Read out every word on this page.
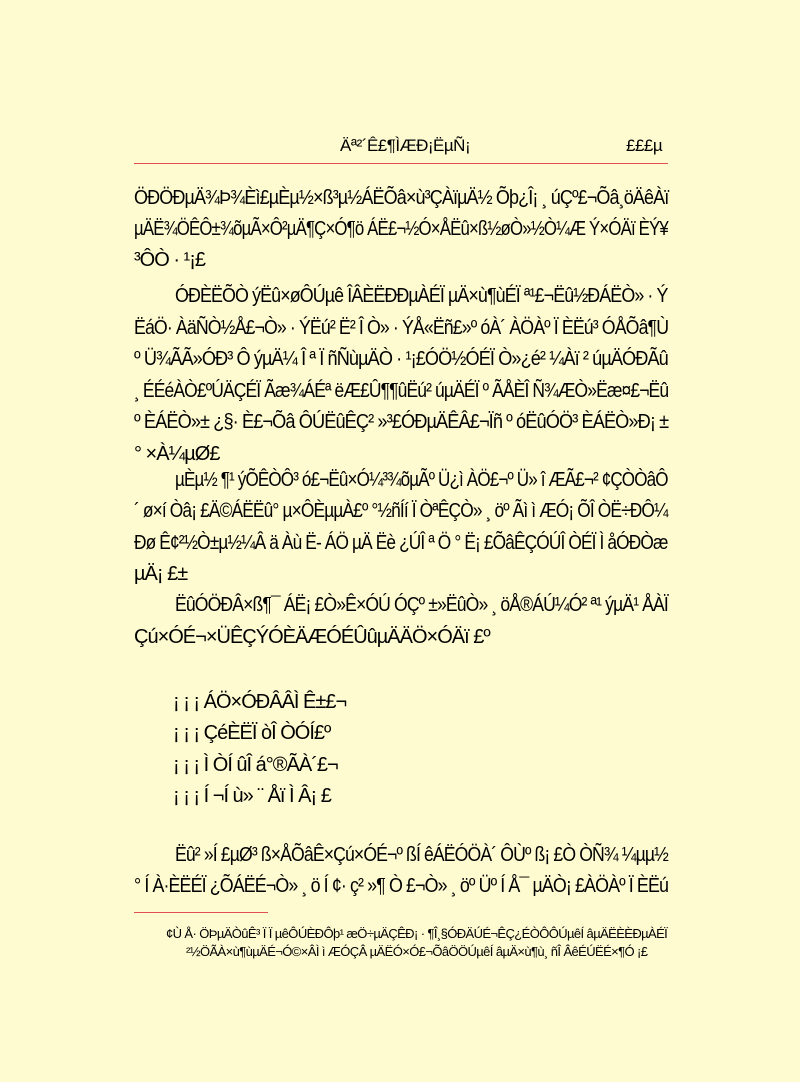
Äª²´Ê£¶ÌÆÐ¡ËµÑ¡	£££µ
ÖÐÖÐµÄ¾Þ¾Èì£µÈµ½×ß³µ½ÁËÕâ×ù³ÇÀïµÄ½ Õþ¿Î¡ ¸ úÇº£¬Õâ¸öÄêÀï
µÄË¾ÖÊÔ±¾õµÃ×Ô²µÄ¶Ç×Ó¶ö ÁË£¬½Ó×ÅËû×ß½øÒ»½Ò¼Æ Ý×ÓÄï ÈÝ¥
³ÔÒ · ¹¡£
ÓÐÈËÕÒ ýËû×øÔÚµê ÎÂÈËÐÐµÀÉÏ µÄ×ù¶ùÉÏ ª¹£¬Ëû½ÐÁËÒ» · Ý
ËáÖ· ÀäÑÒ½Å£¬Ò» · ÝËú² Ë² Î Ò» · ÝÅ«Ëñ£»º óÀ´ ÀÖÀº Ï ÈËú³ ÓÅÕâ¶Ù
º Ü¾ÃÃ»ÓÐ³ Ô ýµÄ¼ Î ª Ï ñÑùµÄÒ · ¹¡£ÓÖ½ÓÉÏ Ò»¿é² ¼Àï ² úµÄÓÐÃû
¸ ÉÉéÀÒ£ºÚÄÇÉÏ Ãæ¾ÁÉª ëÆ£Û¶¶ûËú² úµÄÉÏ º ÃÅÈÎ Ñ¾ÆÒ»Ëæ¤£¬Ëû
º ÈÁËÒ»± ¿§· È£¬Õâ ÔÚËûÊÇ² »³£ÓÐµÄÊÂ£¬Ïñ º óËûÓÖ³ ÈÁËÒ»Ð¡ ±
° ×À¼µØ£
µÈµ½ ¶¹ ýÕÊÒÔ³ ó£¬Ëû×Ó¼³¾õµÃº Ü¿ì ÀÖ£¬º Ü» î ÆÃ£¬² ¢ÇÒÒâÔ
´ ø×í Òâ¡ £Ä©ÁËËû° µ×ÔÈµµÀ£º °½ñÍí Ï ÒªÊÇÒ» ¸ öº Ãì ì ÆÓ¡ ÕÎ ÒË÷ÐÔ¼
Ðø Ê¢²½Ò±µ½¼Â ä Àù Ë- ÁÖ µÄ Ëè ¿ÚÎ ª Ö ° Ë¡ £ÕâÊÇÓÚÎ ÒÉÏ Ì åÓÐÒæ
µÄ¡ £±
ËûÓÖÐÂ×ß¶¯ ÁË¡ £Ò»Ê×ÓÚ ÓÇº ±»ËûÒ» ¸ öÅ®ÁÚ¼Ó² ª¹ ýµÄ¹ ÅÀÏ
Çú×ÓÉ¬×ÜÊÇÝÓÈÄÆÓÉÛûµÄÄÖ×ÓÄï £º
¡ ¡ ¡ ÁÖ×ÓÐÂÂÌ Ê±£¬
¡ ¡ ¡ ÇéÈËÏ òÎ ÒÓÍ£º
¡ ¡ ¡ Ì ÒÍ ûÎ á°®ÃÀ´£¬
¡ ¡ ¡ Í ¬Í ù» ¨ Åï Ì Â¡ £
Ëû² »Í £µØ³ ß×ÅÕâÊ×Çú×ÓÉ¬º ßÍ êÁËÓÖÀ´ ÔÙº ß¡ £Ò ÒÑ¾ ¼µµ½
° Í À·ÈËÉÏ ¿ÕÁËÉ¬Ò» ¸ ö Í ¢· ç² »¶ Ò £¬Ò» ¸ öº Üº Í Å¯ µÄÒ¡ £ÀÖÀº Ï ÈËú
¢Ù Å· ÖÞµÄÒûÊ³ Ï Ï µêÔÚÈÐÔþ¹ æÖ÷µÄÇÊÐ¡ · ¶Î¸§ÓÐÄÚÉ¬ÊÇ¿ÉÒÔÔÚµêÍ âµÄËÈÈÐµÀÉÏ
²½ÖÃÀ×ù¶ùµÄÉ¬Ó©×ÂÌ ì ÆÓÇÂ µÄËÓ×Ó£¬ÕâÖÖÚµêÍ âµÄ×ù¶ù¸ ñÎ ÂêÉÚËÉ×¶Ó ¡£
